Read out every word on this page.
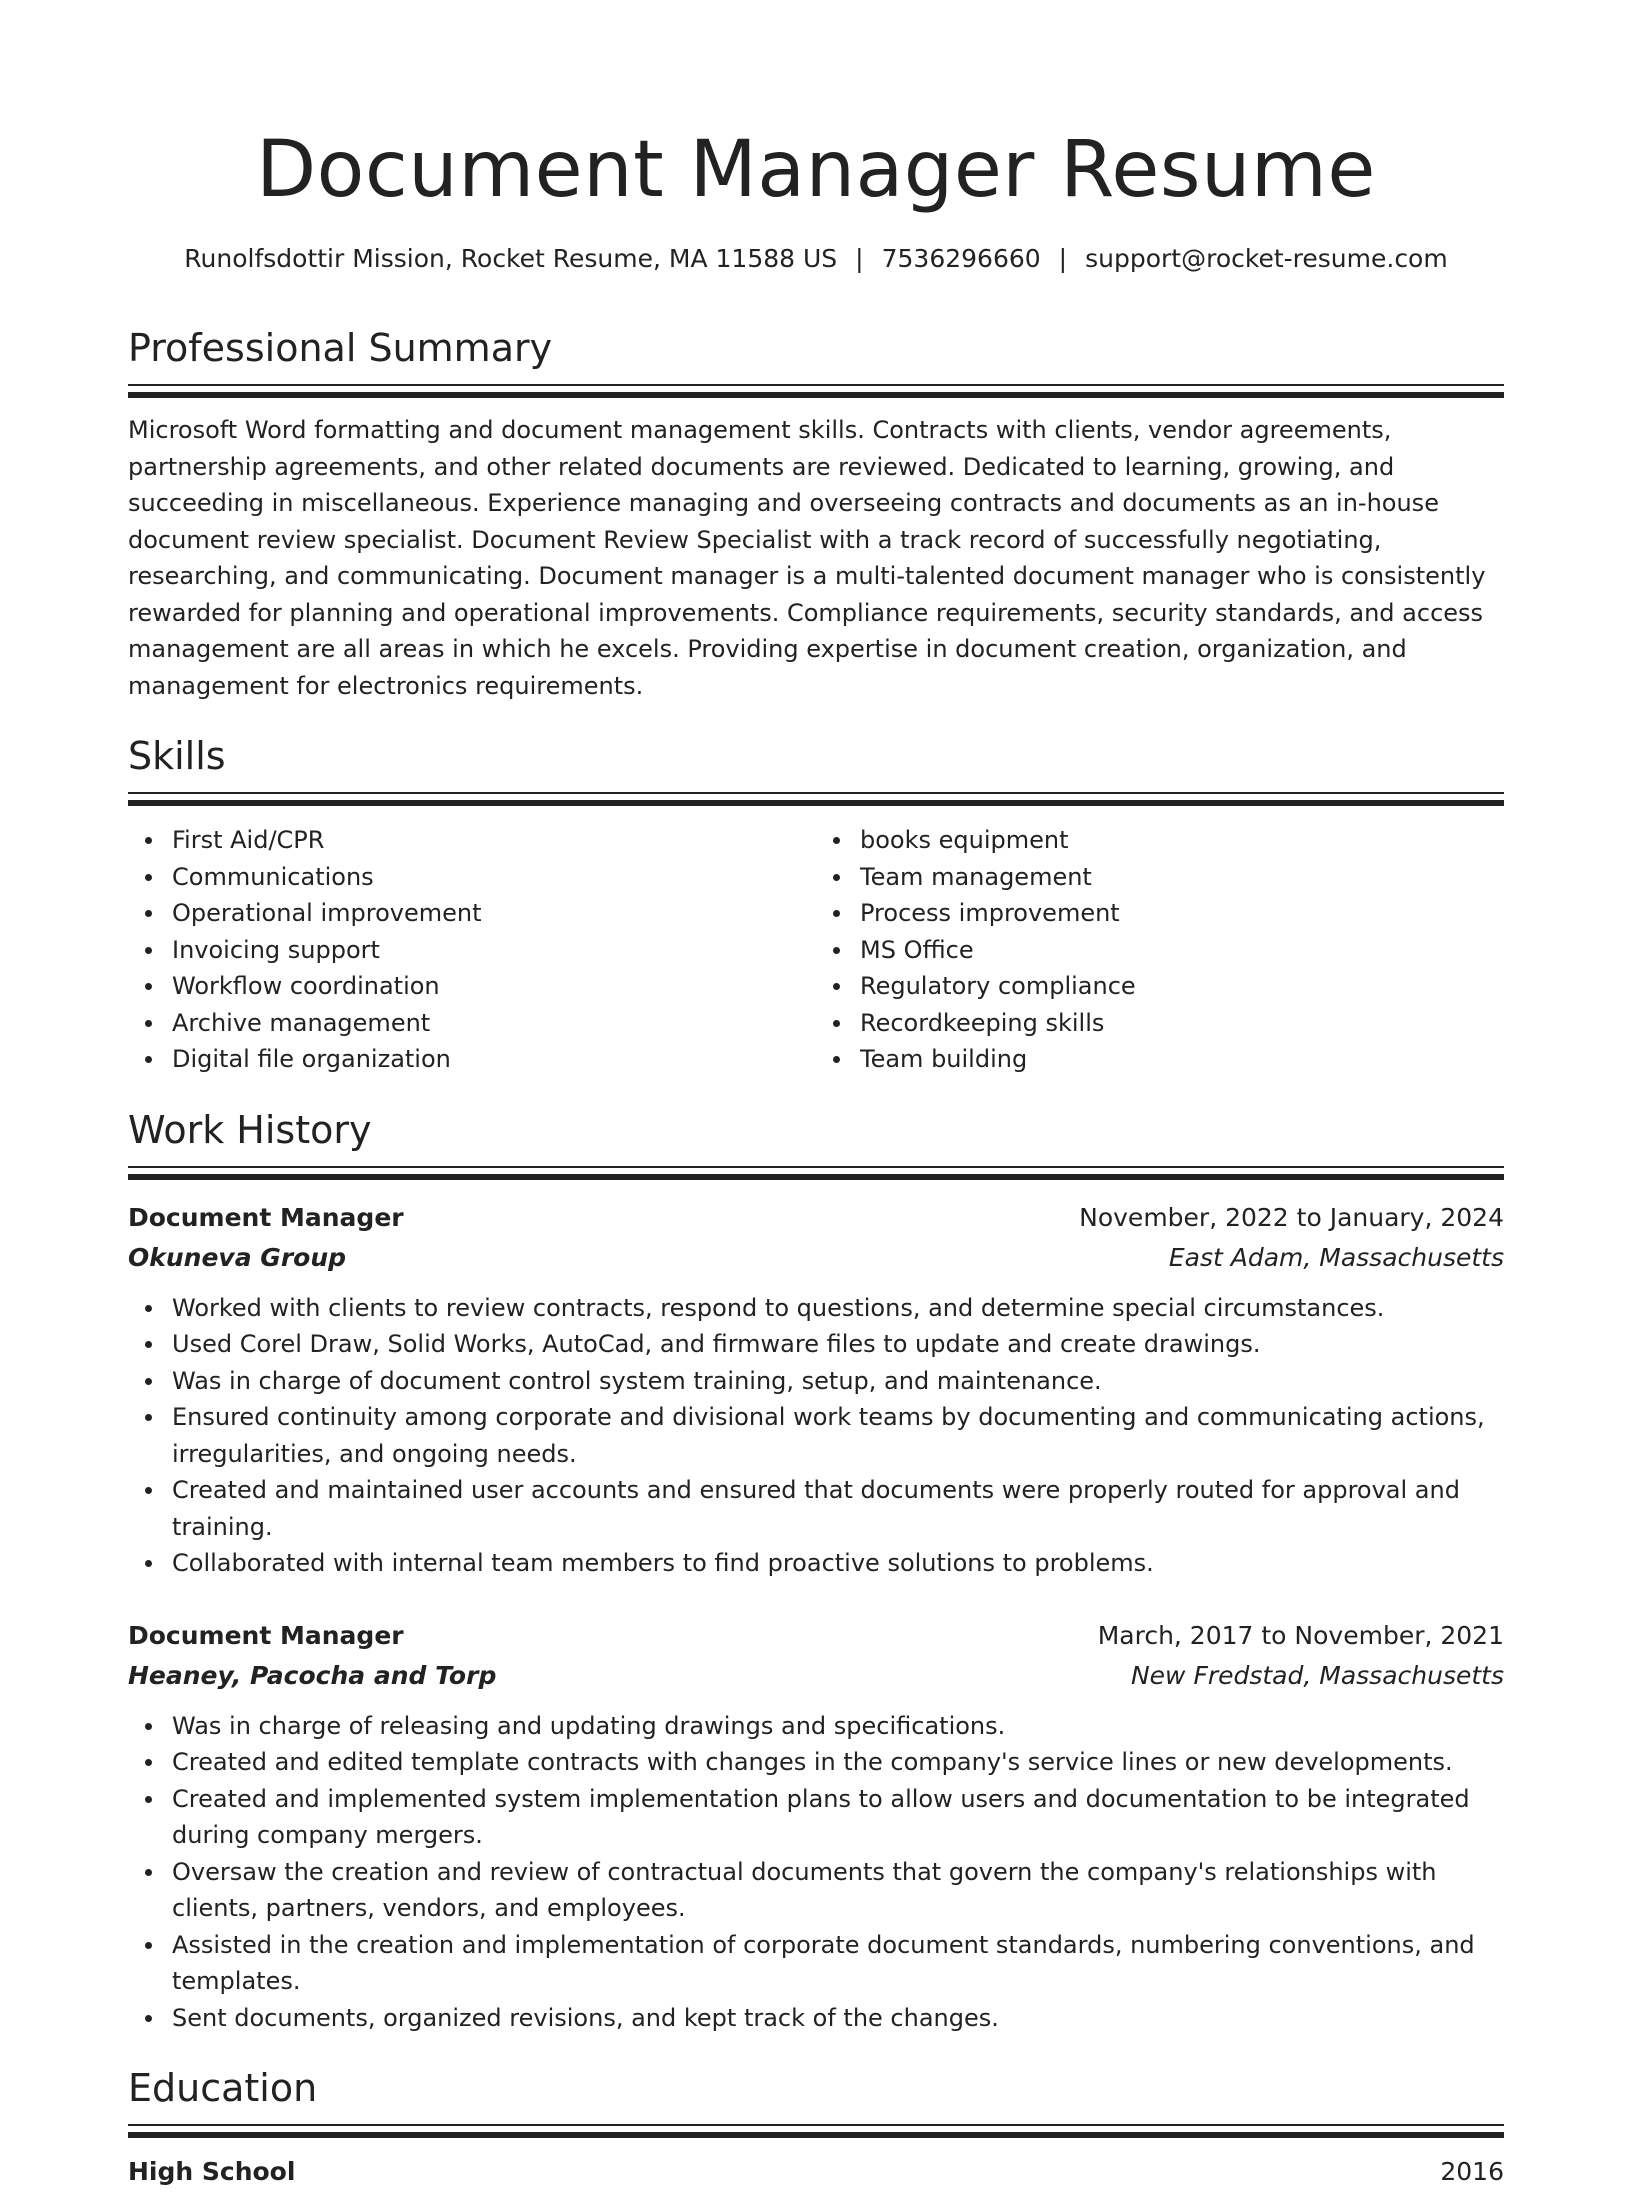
Document Manager Resume
Runolfsdottir Mission, Rocket Resume, MA 11588 US | 7536296660 | support@rocket-resume.com
Professional Summary

Microsoft Word formatting and document management skills. Contracts with clients, vendor agreements, partnership agreements, and other related documents are reviewed. Dedicated to learning, growing, and succeeding in miscellaneous. Experience managing and overseeing contracts and documents as an in-house document review specialist. Document Review Specialist with a track record of successfully negotiating, researching, and communicating. Document manager is a multi-talented document manager who is consistently rewarded for planning and operational improvements. Compliance requirements, security standards, and access management are all areas in which he excels. Providing expertise in document creation, organization, and management for electronics requirements.

Skills
First Aid/CPR
Communications
Operational improvement
Invoicing support
Workflow coordination
Archive management
Digital file organization
books equipment
Team management
Process improvement
MS Office
Regulatory compliance
Recordkeeping skills
Team building
Work History
Document Manager	November, 2022 to January, 2024
Okuneva Group	East Adam, Massachusetts
Worked with clients to review contracts, respond to questions, and determine special circumstances.
Used Corel Draw, Solid Works, AutoCad, and firmware files to update and create drawings.
Was in charge of document control system training, setup, and maintenance.
Ensured continuity among corporate and divisional work teams by documenting and communicating actions, irregularities, and ongoing needs.
Created and maintained user accounts and ensured that documents were properly routed for approval and training.
Collaborated with internal team members to find proactive solutions to problems.
Document Manager	March, 2017 to November, 2021
Heaney, Pacocha and Torp	New Fredstad, Massachusetts
Was in charge of releasing and updating drawings and specifications.
Created and edited template contracts with changes in the company's service lines or new developments.
Created and implemented system implementation plans to allow users and documentation to be integrated during company mergers.
Oversaw the creation and review of contractual documents that govern the company's relationships with clients, partners, vendors, and employees.
Assisted in the creation and implementation of corporate document standards, numbering conventions, and templates.
Sent documents, organized revisions, and kept track of the changes.
Education
High School	2016
